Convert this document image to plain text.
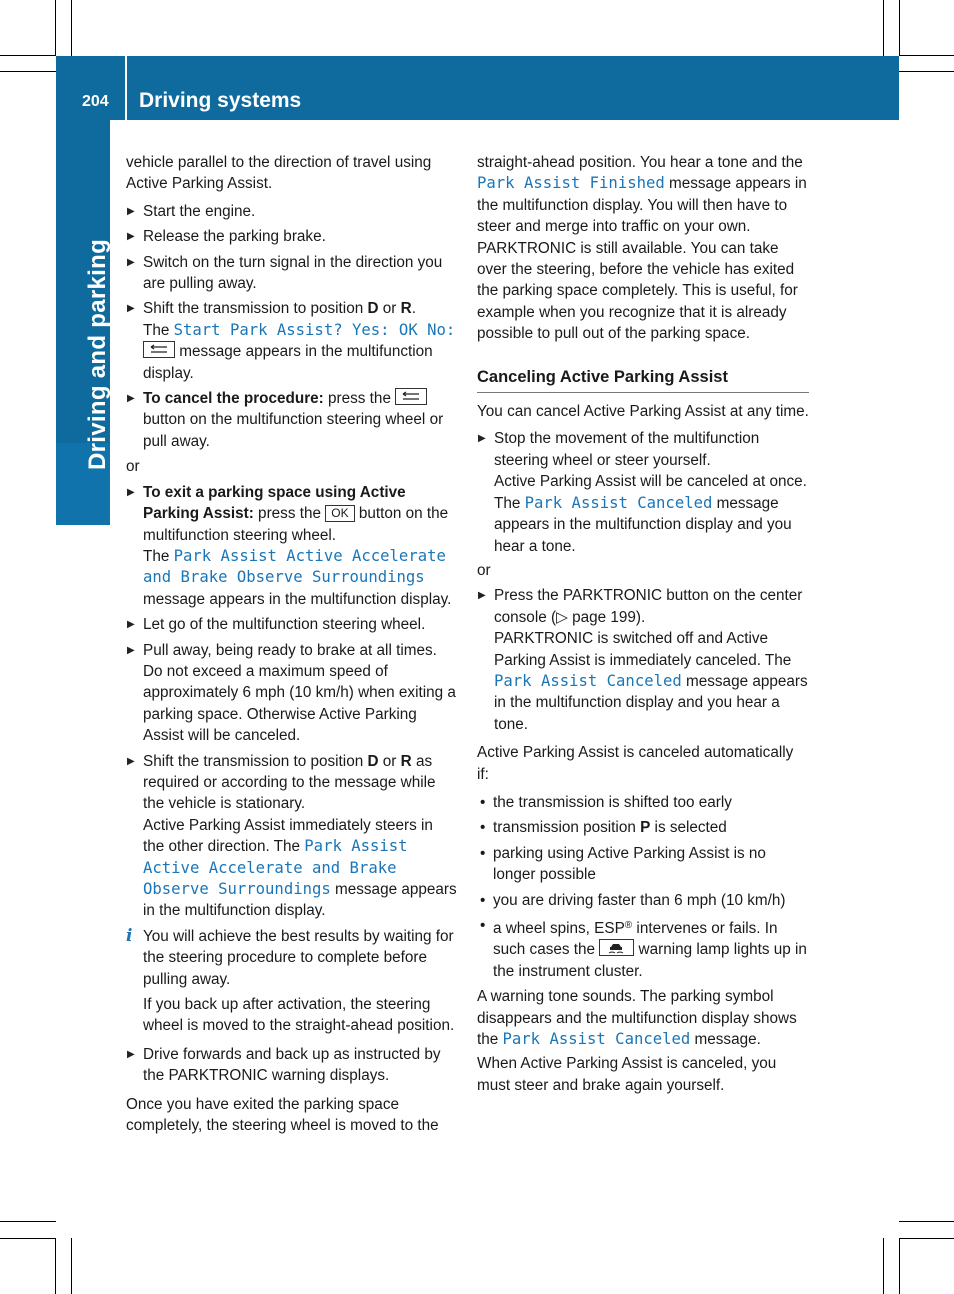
204 Driving systems
Driving and parking

vehicle parallel to the direction of travel using Active Parking Assist.

▶ Start the engine.

▶ Release the parking brake.

▶ Switch on the turn signal in the direction you are pulling away.

▶ Shift the transmission to position D or R.
The Start Park Assist? Yes: OK No:

message appears in the multifunction display.
▶ To cancel the procedure: press the
button on the multifunction steering wheel or pull away.

or

▶ To exit a parking space using Active Parking Assist: press the OK button on the multifunction steering wheel.
The Park Assist Active Accelerate and Brake Observe Surroundings message appears in the multifunction display.

▶ Let go of the multifunction steering wheel.

▶ Pull away, being ready to brake at all times. Do not exceed a maximum speed of approximately 6 mph (10 km/h) when exiting a parking space. Otherwise Active Parking Assist will be canceled.

▶ Shift the transmission to position D or R as required or according to the message while the vehicle is stationary.
Active Parking Assist immediately steers in the other direction. The Park Assist Active Accelerate and Brake Observe Surroundings message appears in the multifunction display.
i You will achieve the best results by waiting for the steering procedure to complete before pulling away.

If you back up after activation, the steering wheel is moved to the straight-ahead position.

▶ Drive forwards and back up as instructed by the PARKTRONIC warning displays.

Once you have exited the parking space completely, the steering wheel is moved to the

straight-ahead position. You hear a tone and the Park Assist Finished message appears in the multifunction display. You will then have to steer and merge into traffic on your own. PARKTRONIC is still available. You can take over the steering, before the vehicle has exited the parking space completely. This is useful, for example when you recognize that it is already possible to pull out of the parking space.

Canceling Active Parking Assist

You can cancel Active Parking Assist at any time.

▶ Stop the movement of the multifunction steering wheel or steer yourself.
Active Parking Assist will be canceled at once. The Park Assist Canceled message appears in the multifunction display and you hear a tone.

or

▶ Press the PARKTRONIC button on the center console (▷ page 199).
PARKTRONIC is switched off and Active Parking Assist is immediately canceled. The Park Assist Canceled message appears in the multifunction display and you hear a tone.

Active Parking Assist is canceled automatically if:

• the transmission is shifted too early

• transmission position P is selected

• parking using Active Parking Assist is no longer possible

• you are driving faster than 6 mph (10 km/h)

• a wheel spins, ESP® intervenes or fails. In such cases the
warning lamp lights up in the instrument cluster.

A warning tone sounds. The parking symbol disappears and the multifunction display shows the Park Assist Canceled message.

When Active Parking Assist is canceled, you must steer and brake again yourself.
